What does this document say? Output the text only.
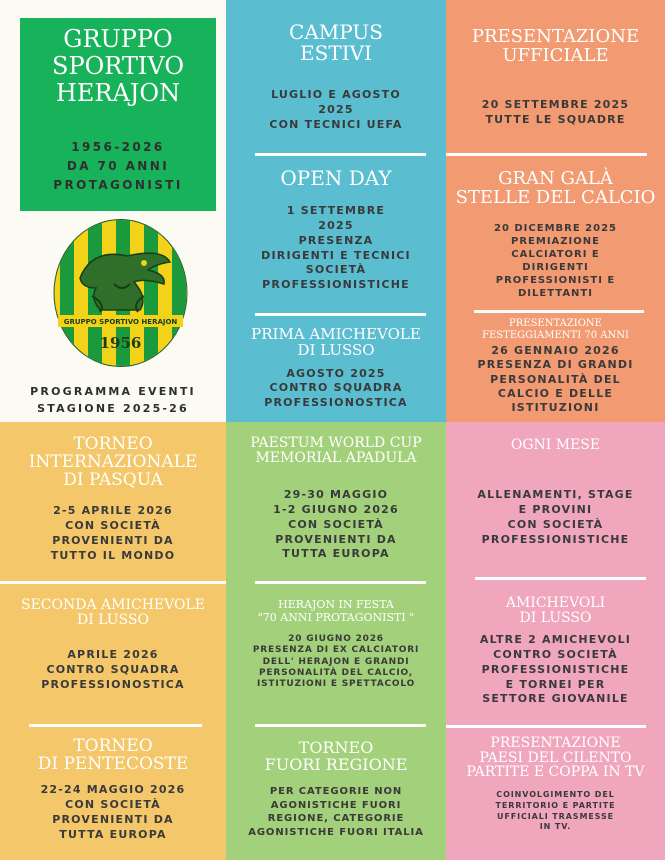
GRUPPO
SPORTIVO
HERAJON
1956-2026
DA 70 ANNI
PROTAGONISTI
GRUPPO SPORTIVO HERAJON
1956
PROGRAMMA EVENTI
STAGIONE 2025-26
CAMPUS
ESTIVI
LUGLIO E AGOSTO
2025
CON TECNICI UEFA
OPEN DAY
1 SETTEMBRE
2025
PRESENZA
DIRIGENTI E TECNICI
SOCIETÀ
PROFESSIONISTICHE
PRIMA AMICHEVOLE
DI LUSSO
AGOSTO 2025
CONTRO SQUADRA
PROFESSIONOSTICA
PRESENTAZIONE
UFFICIALE
20 SETTEMBRE 2025
TUTTE LE SQUADRE
GRAN GALÀ
STELLE DEL CALCIO
20 DICEMBRE 2025
PREMIAZIONE
CALCIATORI E
DIRIGENTI
PROFESSIONISTI E
DILETTANTI
PRESENTAZIONE
FESTEGGIAMENTI 70 ANNI
26 GENNAIO 2026
PRESENZA DI GRANDI
PERSONALITÀ DEL
CALCIO E DELLE
ISTITUZIONI
TORNEO
INTERNAZIONALE
DI PASQUA
2-5 APRILE 2026
CON SOCIETÀ
PROVENIENTI DA
TUTTO IL MONDO
SECONDA AMICHEVOLE
DI LUSSO
APRILE 2026
CONTRO SQUADRA
PROFESSIONOSTICA
TORNEO
DI PENTECOSTE
22-24 MAGGIO 2026
CON SOCIETÀ
PROVENIENTI DA
TUTTA EUROPA
PAESTUM WORLD CUP
MEMORIAL APADULA
29-30 MAGGIO
1-2 GIUGNO 2026
CON SOCIETÀ
PROVENIENTI DA
TUTTA EUROPA
HERAJON IN FESTA
"70 ANNI PROTAGONISTI "
20 GIUGNO 2026
PRESENZA DI EX CALCIATORI
DELL' HERAJON E GRANDI
PERSONALITÀ DEL CALCIO,
ISTITUZIONI E SPETTACOLO
TORNEO
FUORI REGIONE
PER CATEGORIE NON
AGONISTICHE FUORI
REGIONE, CATEGORIE
AGONISTICHE FUORI ITALIA
OGNI MESE
ALLENAMENTI, STAGE
E PROVINI
CON SOCIETÀ
PROFESSIONISTICHE
AMICHEVOLI
DI LUSSO
ALTRE 2 AMICHEVOLI
CONTRO SOCIETÀ
PROFESSIONISTICHE
E TORNEI PER
SETTORE GIOVANILE
PRESENTAZIONE
PAESI DEL CILENTO
PARTITE E COPPA IN TV
COINVOLGIMENTO DEL
TERRITORIO E PARTITE
UFFICIALI TRASMESSE
IN TV.
